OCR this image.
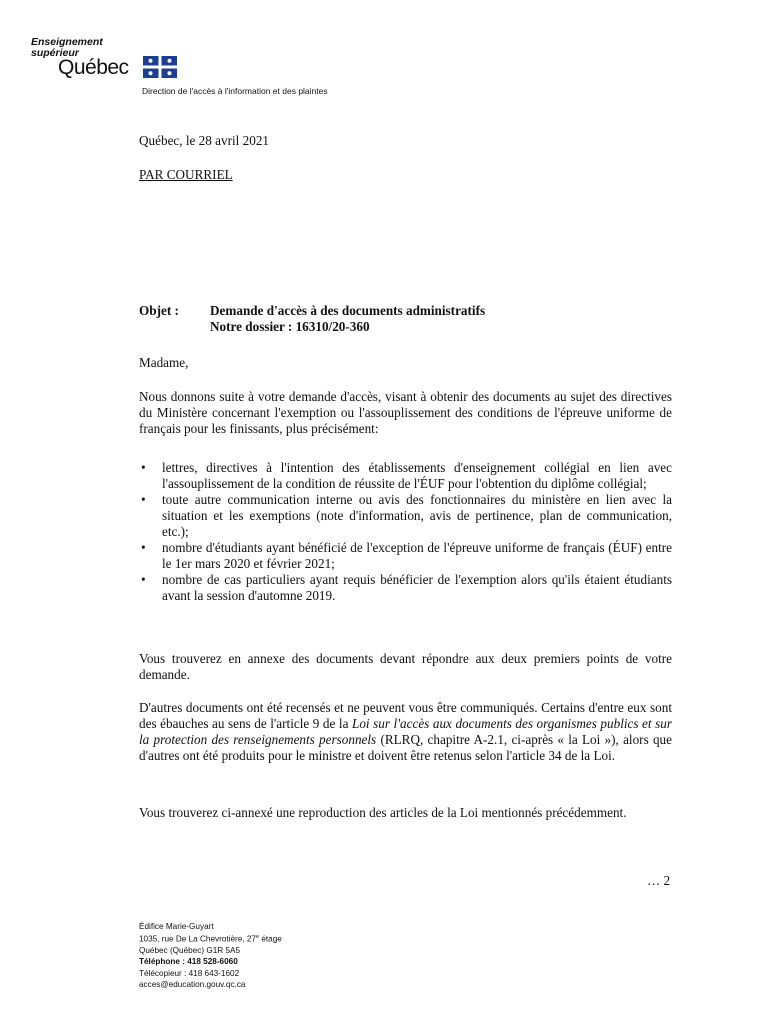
Enseignement
supérieur
Québec
Direction de l'accès à l'information et des plaintes
Québec, le 28 avril 2021
PAR COURRIEL
Objet : Demande d'accès à des documents administratifs
Notre dossier : 16310/20-360
Madame,
Nous donnons suite à votre demande d'accès, visant à obtenir des documents au sujet des directives du Ministère concernant l'exemption ou l'assouplissement des conditions de l'épreuve uniforme de français pour les finissants, plus précisément:
• lettres, directives à l'intention des établissements d'enseignement collégial en lien avec l'assouplissement de la condition de réussite de l'ÉUF pour l'obtention du diplôme collégial;
• toute autre communication interne ou avis des fonctionnaires du ministère en lien avec la situation et les exemptions (note d'information, avis de pertinence, plan de communication, etc.);
• nombre d'étudiants ayant bénéficié de l'exception de l'épreuve uniforme de français (ÉUF) entre le 1er mars 2020 et février 2021;
• nombre de cas particuliers ayant requis bénéficier de l'exemption alors qu'ils étaient étudiants avant la session d'automne 2019.
Vous trouverez en annexe des documents devant répondre aux deux premiers points de votre demande.
D'autres documents ont été recensés et ne peuvent vous être communiqués. Certains d'entre eux sont des ébauches au sens de l'article 9 de la Loi sur l'accès aux documents des organismes publics et sur la protection des renseignements personnels (RLRQ, chapitre A-2.1, ci-après « la Loi »), alors que d'autres ont été produits pour le ministre et doivent être retenus selon l'article 34 de la Loi.
Vous trouverez ci-annexé une reproduction des articles de la Loi mentionnés précédemment.
… 2
Édifice Marie-Guyart
1035, rue De La Chevrotière, 27e étage
Québec (Québec) G1R 5A5
Téléphone : 418 528-6060
Télécopieur : 418 643-1602
acces@education.gouv.qc.ca
